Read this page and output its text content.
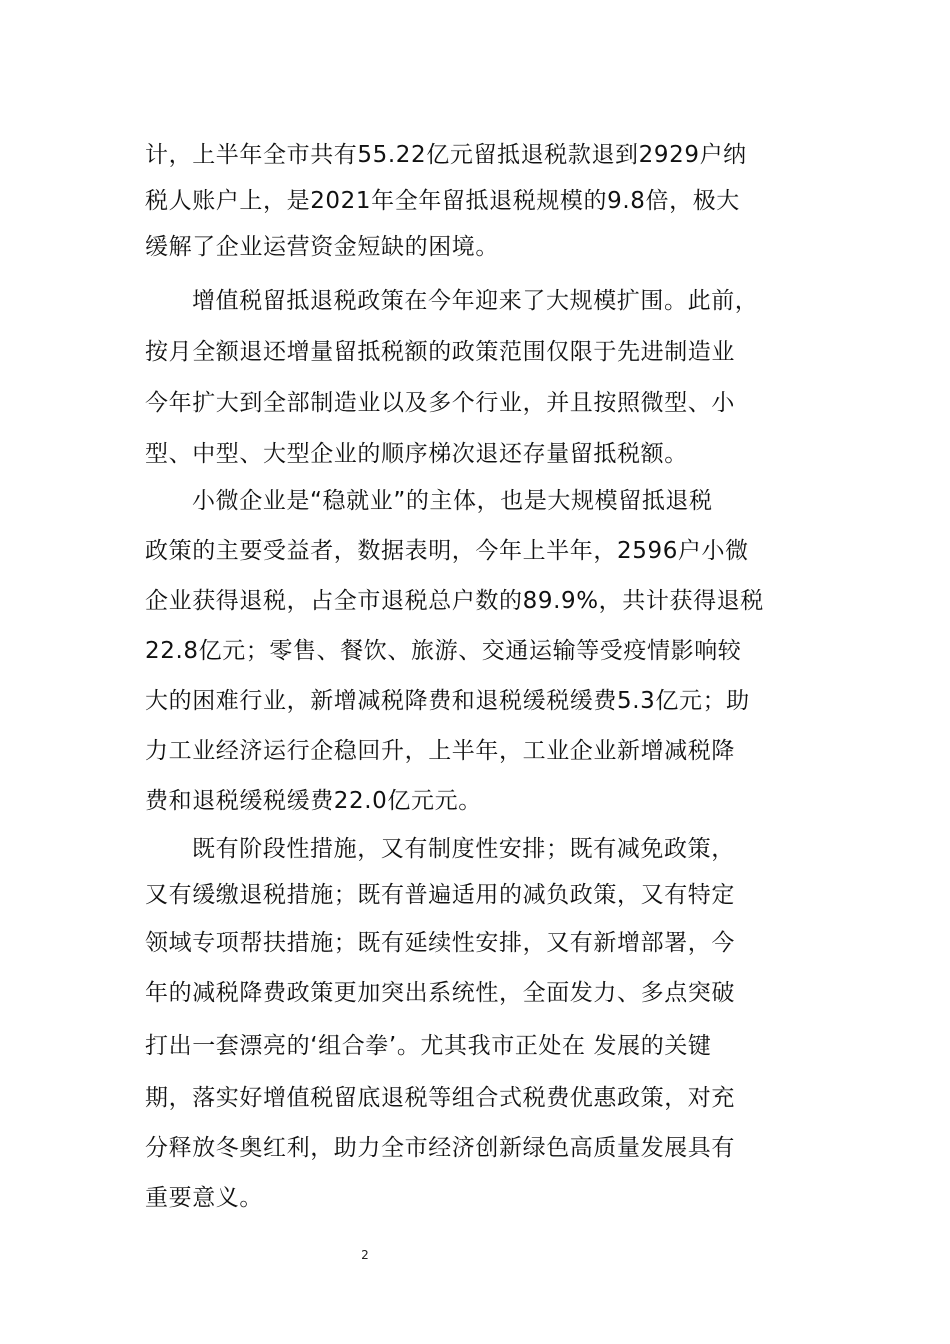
计，上半年全市共有55.22亿元留抵退税款退到2929户纳
税人账户上，是2021年全年留抵退税规模的9.8倍，极大
缓解了企业运营资金短缺的困境。
增值税留抵退税政策在今年迎来了大规模扩围。此前，
按月全额退还增量留抵税额的政策范围仅限于先进制造业
今年扩大到全部制造业以及多个行业，并且按照微型、小
型、中型、大型企业的顺序梯次退还存量留抵税额。
小微企业是“稳就业”的主体，也是大规模留抵退税
政策的主要受益者，数据表明，今年上半年，2596户小微
企业获得退税，占全市退税总户数的89.9%，共计获得退税
22.8亿元；零售、餐饮、旅游、交通运输等受疫情影响较
大的困难行业，新增减税降费和退税缓税缓费5.3亿元；助
力工业经济运行企稳回升，上半年，工业企业新增减税降
费和退税缓税缓费22.0亿元元。
既有阶段性措施，又有制度性安排；既有减免政策，
又有缓缴退税措施；既有普遍适用的减负政策，又有特定
领域专项帮扶措施；既有延续性安排，又有新增部署，今
年的减税降费政策更加突出系统性，全面发力、多点突破
打出一套漂亮的‘组合拳’。尤其我市正处在 发展的关键
期，落实好增值税留底退税等组合式税费优惠政策，对充
分释放冬奥红利，助力全市经济创新绿色高质量发展具有
重要意义。
2
